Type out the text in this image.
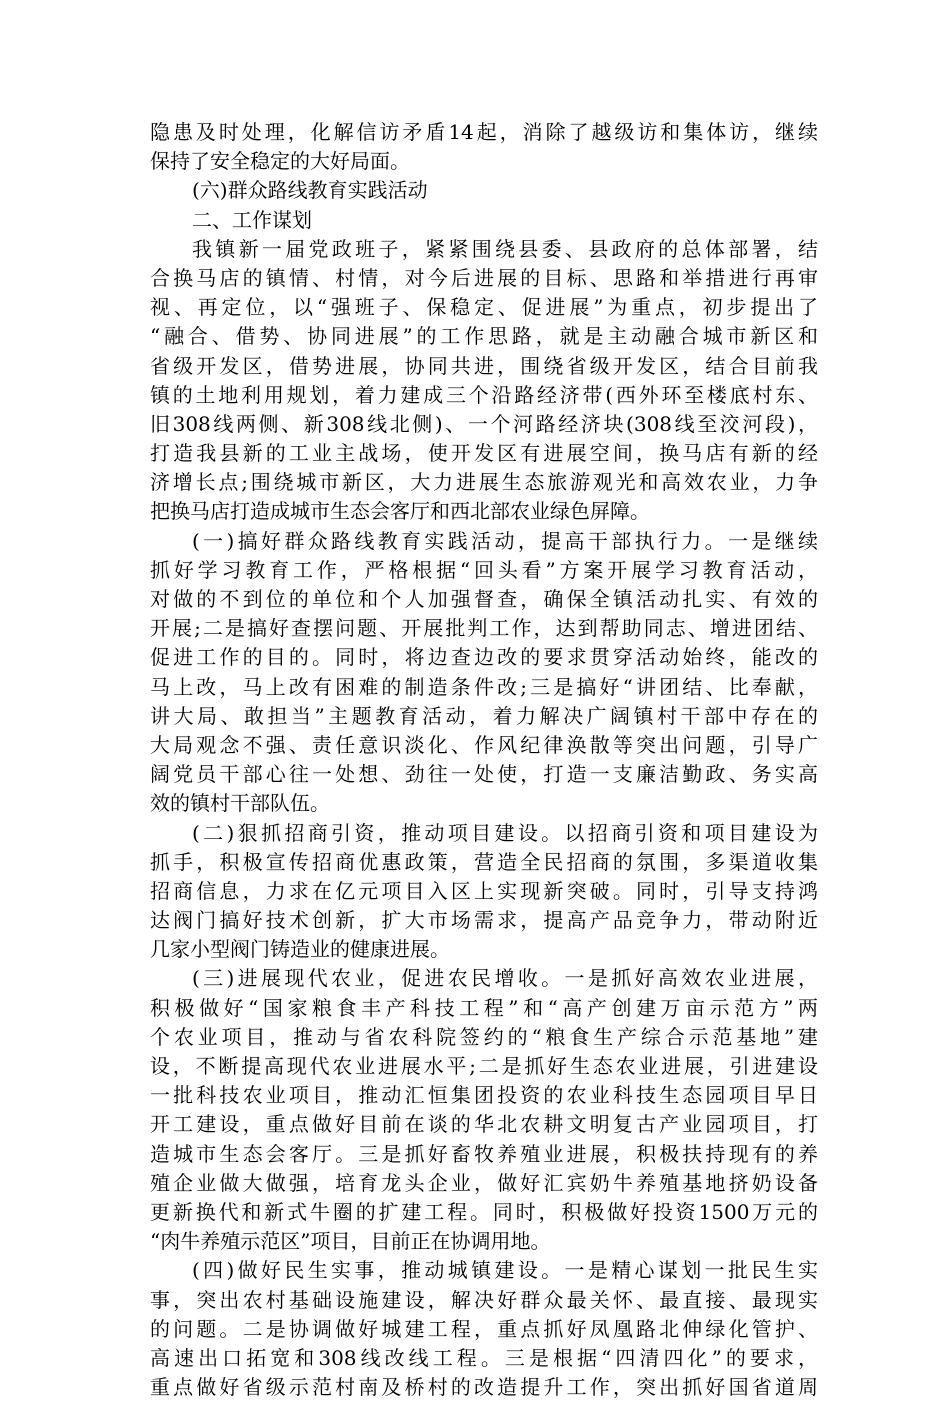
隐患及时处理，化解信访矛盾14起，消除了越级访和集体访，继续
保持了安全稳定的大好局面。
(六)群众路线教育实践活动
二、工作谋划
我镇新一届党政班子，紧紧围绕县委、县政府的总体部署，结
合换马店的镇情、村情，对今后进展的目标、思路和举措进行再审
视、再定位，以“强班子、保稳定、促进展”为重点，初步提出了
“融合、借势、协同进展”的工作思路，就是主动融合城市新区和
省级开发区，借势进展，协同共进，围绕省级开发区，结合目前我
镇的土地利用规划，着力建成三个沿路经济带(西外环至楼底村东、
旧308线两侧、新308线北侧)、一个河路经济块(308线至洨河段)，
打造我县新的工业主战场，使开发区有进展空间，换马店有新的经
济增长点;围绕城市新区，大力进展生态旅游观光和高效农业，力争
把换马店打造成城市生态会客厅和西北部农业绿色屏障。
(一)搞好群众路线教育实践活动，提高干部执行力。一是继续
抓好学习教育工作，严格根据“回头看”方案开展学习教育活动，
对做的不到位的单位和个人加强督查，确保全镇活动扎实、有效的
开展;二是搞好查摆问题、开展批判工作，达到帮助同志、增进团结、
促进工作的目的。同时，将边查边改的要求贯穿活动始终，能改的
马上改，马上改有困难的制造条件改;三是搞好“讲团结、比奉献，
讲大局、敢担当”主题教育活动，着力解决广阔镇村干部中存在的
大局观念不强、责任意识淡化、作风纪律涣散等突出问题，引导广
阔党员干部心往一处想、劲往一处使，打造一支廉洁勤政、务实高
效的镇村干部队伍。
(二)狠抓招商引资，推动项目建设。以招商引资和项目建设为
抓手，积极宣传招商优惠政策，营造全民招商的氛围，多渠道收集
招商信息，力求在亿元项目入区上实现新突破。同时，引导支持鸿
达阀门搞好技术创新，扩大市场需求，提高产品竞争力，带动附近
几家小型阀门铸造业的健康进展。
(三)进展现代农业，促进农民增收。一是抓好高效农业进展，
积极做好“国家粮食丰产科技工程”和“高产创建万亩示范方”两
个农业项目，推动与省农科院签约的“粮食生产综合示范基地”建
设，不断提高现代农业进展水平;二是抓好生态农业进展，引进建设
一批科技农业项目，推动汇恒集团投资的农业科技生态园项目早日
开工建设，重点做好目前在谈的华北农耕文明复古产业园项目，打
造城市生态会客厅。三是抓好畜牧养殖业进展，积极扶持现有的养
殖企业做大做强，培育龙头企业，做好汇宾奶牛养殖基地挤奶设备
更新换代和新式牛圈的扩建工程。同时，积极做好投资1500万元的
“肉牛养殖示范区”项目，目前正在协调用地。
(四)做好民生实事，推动城镇建设。一是精心谋划一批民生实
事，突出农村基础设施建设，解决好群众最关怀、最直接、最现实
的问题。二是协调做好城建工程，重点抓好凤凰路北伸绿化管护、
高速出口拓宽和308线改线工程。三是根据“四清四化”的要求，
重点做好省级示范村南及桥村的改造提升工作，突出抓好国省道周
